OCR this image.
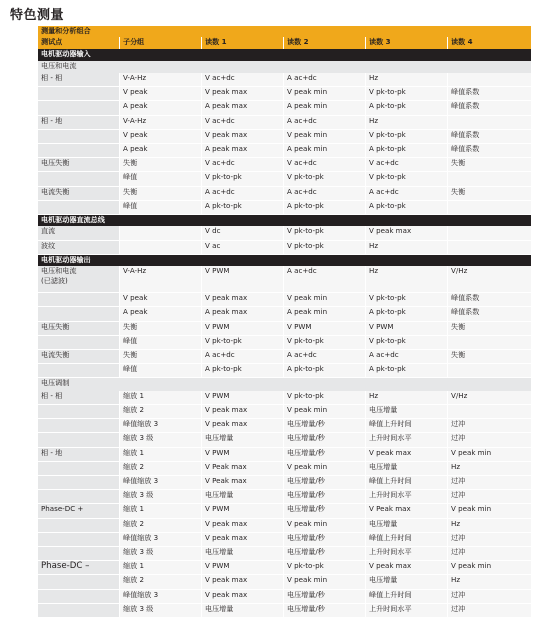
特色测量
测量和分析组合					
测试点	子分组	读数 1	读数 2	读数 3	读数 4
电机驱动器输入					
电压和电流					
相 - 相	V-A-Hz	V ac+dc	A ac+dc	Hz	
	V peak	V peak max	V peak min	V pk-to-pk	峰值系数
	A peak	A peak max	A peak min	A pk-to-pk	峰值系数
相 - 地	V-A-Hz	V ac+dc	A ac+dc	Hz	
	V peak	V peak max	V peak min	V pk-to-pk	峰值系数
	A peak	A peak max	A peak min	A pk-to-pk	峰值系数
电压失衡	失衡	V ac+dc	V ac+dc	V ac+dc	失衡
	峰值	V pk-to-pk	V pk-to-pk	V pk-to-pk	
电流失衡	失衡	A ac+dc	A ac+dc	A ac+dc	失衡
	峰值	A pk-to-pk	A pk-to-pk	A pk-to-pk	
电机驱动器直流总线					
直流		V dc	V pk-to-pk	V peak max	
波纹		V ac	V pk-to-pk	Hz	
电机驱动器输出					

电压和电流
(已滤波)	V-A-Hz	V PWM	A ac+dc	Hz	V/Hz
	V peak	V peak max	V peak min	V pk-to-pk	峰值系数
	A peak	A peak max	A peak min	A pk-to-pk	峰值系数
电压失衡	失衡	V PWM	V PWM	V PWM	失衡
	峰值	V pk-to-pk	V pk-to-pk	V pk-to-pk	
电流失衡	失衡	A ac+dc	A ac+dc	A ac+dc	失衡
	峰值	A pk-to-pk	A pk-to-pk	A pk-to-pk	
电压调制					
相 - 相	缩放 1	V PWM	V pk-to-pk	Hz	V/Hz
	缩放 2	V peak max	V peak min	电压增量	
	峰值缩放 3	V peak max	电压增量/秒	峰值上升时间	过冲
	缩放 3 级	电压增量	电压增量/秒	上升时间水平	过冲
相 - 地	缩放 1	V PWM	电压增量/秒	V peak max	V peak min
	缩放 2	V Peak max	V peak min	电压增量	Hz
	峰值缩放 3	V Peak max	电压增量/秒	峰值上升时间	过冲
	缩放 3 级	电压增量	电压增量/秒	上升时间水平	过冲
Phase-DC +	缩放 1	V PWM	电压增量/秒	V Peak max	V peak min
	缩放 2	V peak max	V peak min	电压增量	Hz
	峰值缩放 3	V peak max	电压增量/秒	峰值上升时间	过冲
	缩放 3 级	电压增量	电压增量/秒	上升时间水平	过冲
Phase-DC –	缩放 1	V PWM	V pk-to-pk	V peak max	V peak min
	缩放 2	V peak max	V peak min	电压增量	Hz
	峰值缩放 3	V peak max	电压增量/秒	峰值上升时间	过冲
	缩放 3 级	电压增量	电压增量/秒	上升时间水平	过冲
